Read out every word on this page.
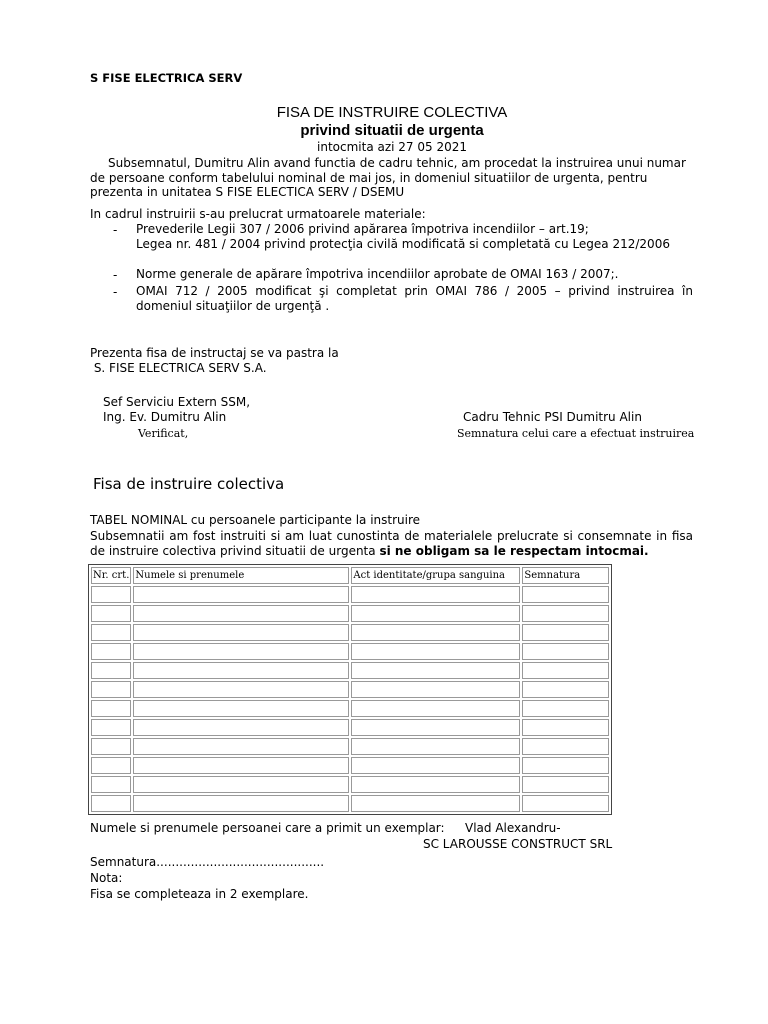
S FISE ELECTRICA SERV
FISA DE INSTRUIRE COLECTIVA
privind situatii de urgenta
intocmita azi 27 05 2021
Subsemnatul, Dumitru Alin avand functia de cadru tehnic, am procedat la instruirea unui numar de persoane conform tabelului nominal de mai jos, in domeniul situatiilor de urgenta, pentru prezenta in unitatea S FISE ELECTICA SERV / DSEMU
In cadrul instruirii s-au prelucrat urmatoarele materiale:
- Prevederile Legii 307 / 2006 privind apărarea împotriva incendiilor – art.19;
Legea nr. 481 / 2004 privind protecţia civilă modificată si completată cu Legea 212/2006
- Norme generale de apărare împotriva incendiilor aprobate de OMAI 163 / 2007;.
- OMAI 712 / 2005 modificat şi completat prin OMAI 786 / 2005 – privind instruirea în domeniul situaţiilor de urgenţă .
Prezenta fisa de instructaj se va pastra la
S. FISE ELECTRICA SERV S.A.
Sef Serviciu Extern SSM,
Ing. Ev. Dumitru Alin
Verificat,
Cadru Tehnic PSI Dumitru Alin
Semnatura celui care a efectuat instruirea
Fisa de instruire colectiva
TABEL NOMINAL cu persoanele participante la instruire
Subsemnatii am fost instruiti si am luat cunostinta de materialele prelucrate si consemnate in fisa de instruire colectiva privind situatii de urgenta si ne obligam sa le respectam intocmai.
Nr. crt.	Numele si prenumele	Act identitate/grupa sanguina	Semnatura

Numele si prenumele persoanei care a primit un exemplar: Vlad Alexandru-
SC LAROUSSE CONSTRUCT SRL
Semnatura............................................
Nota:
Fisa se completeaza in 2 exemplare.
